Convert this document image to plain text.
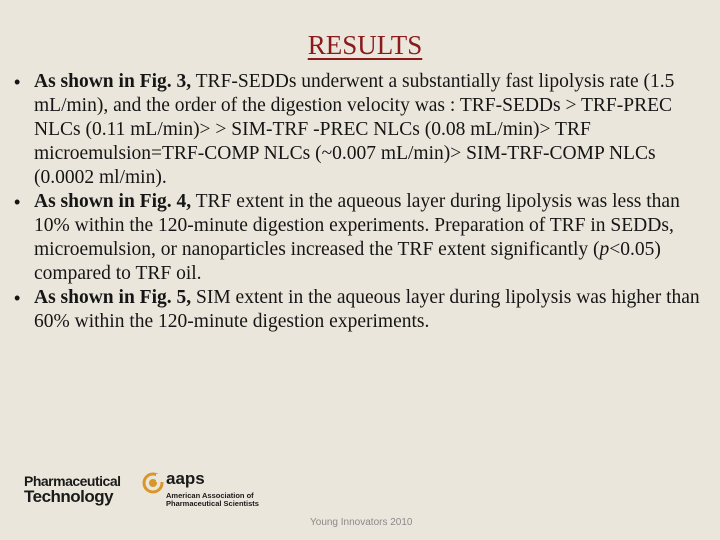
RESULTS
• As shown in Fig. 3, TRF-SEDDs underwent a substantially fast lipolysis rate (1.5 mL/min), and the order of the digestion velocity was : TRF-SEDDs > TRF-PREC NLCs (0.11 mL/min)> > SIM-TRF -PREC NLCs (0.08 mL/min)> TRF microemulsion=TRF-COMP NLCs (~0.007 mL/min)> SIM-TRF-COMP NLCs (0.0002 ml/min).
• As shown in Fig. 4, TRF extent in the aqueous layer during lipolysis was less than 10% within the 120-minute digestion experiments. Preparation of TRF in SEDDs, microemulsion, or nanoparticles increased the TRF extent significantly (p<0.05) compared to TRF oil.
• As shown in Fig. 5, SIM extent in the aqueous layer during lipolysis was higher than 60% within the 120-minute digestion experiments.
Pharmaceutical
Technology
aaps
American Association of
Pharmaceutical Scientists
Young Innovators 2010
